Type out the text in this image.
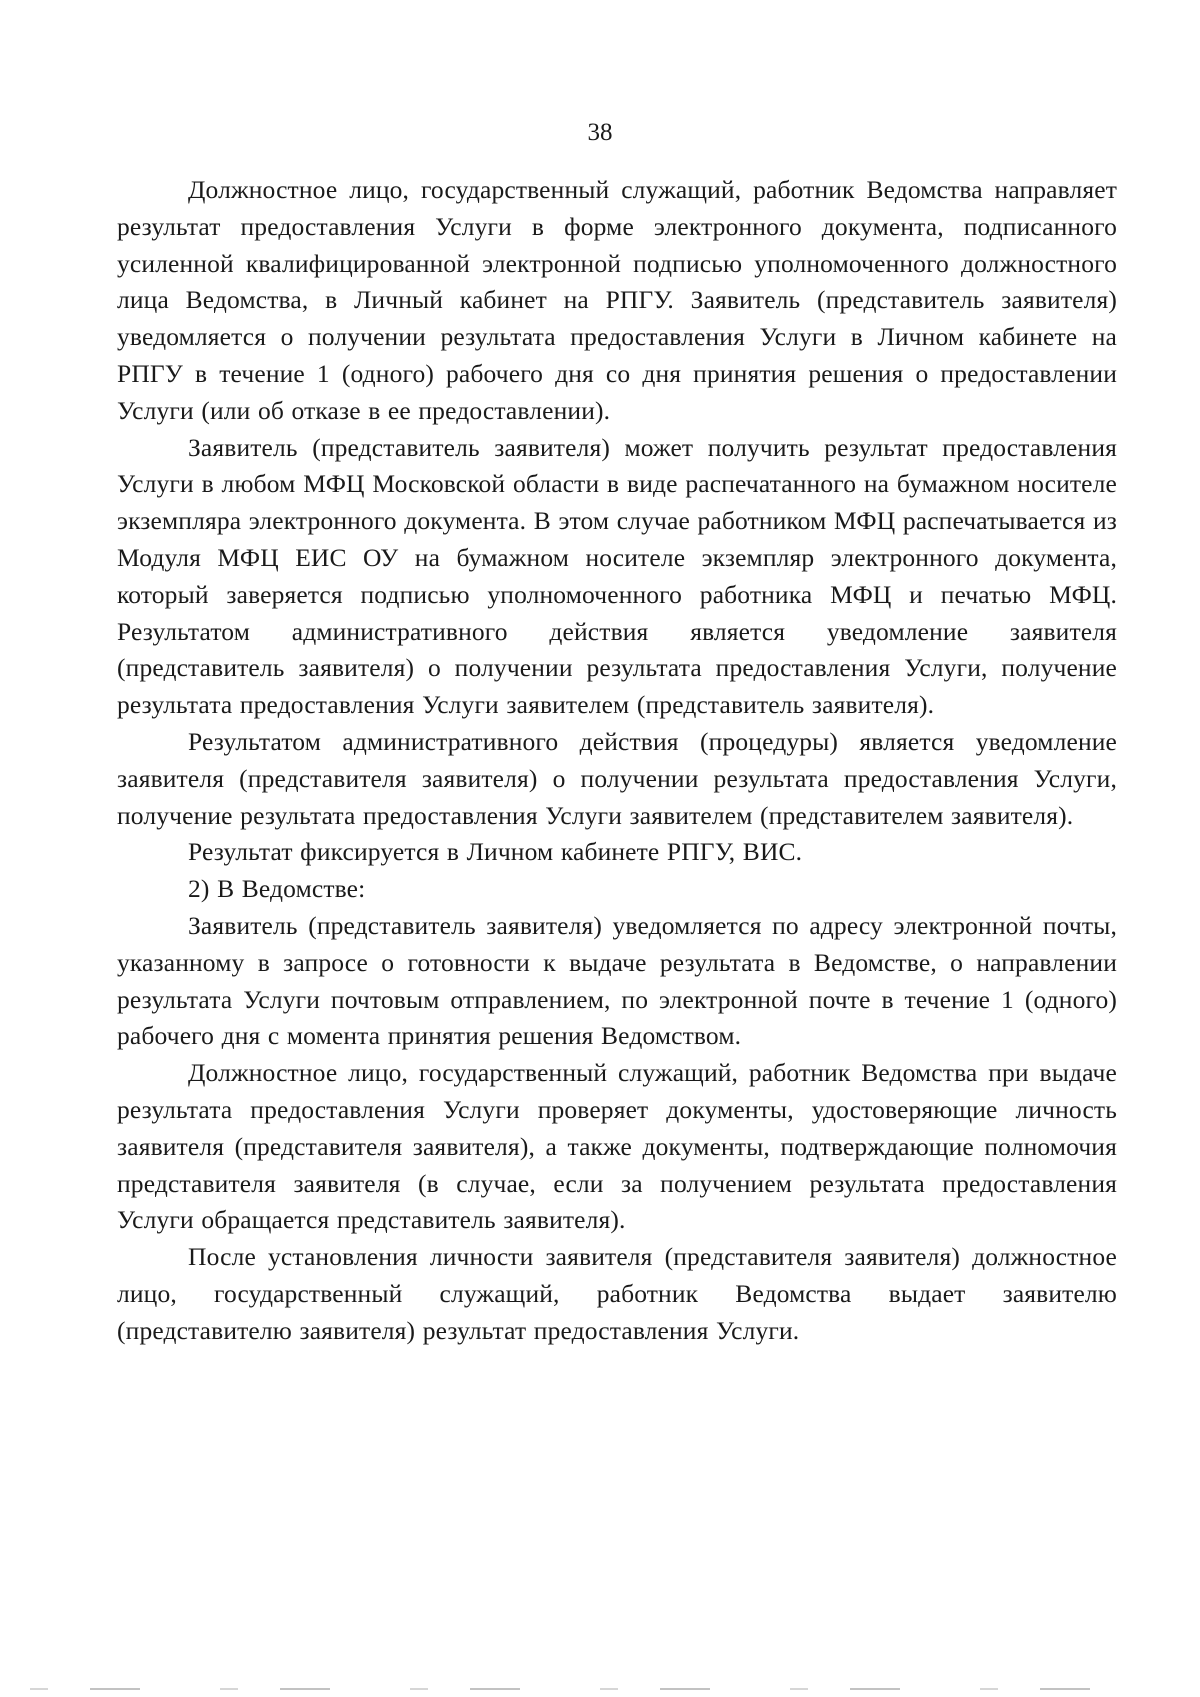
38

Должностное лицо, государственный служащий, работник Ведомства направляет результат предоставления Услуги в форме электронного документа, подписанного усиленной квалифицированной электронной подписью уполномоченного должностного лица Ведомства, в Личный кабинет на РПГУ. Заявитель (представитель заявителя) уведомляется о получении результата предоставления Услуги в Личном кабинете на РПГУ в течение 1 (одного) рабочего дня со дня принятия решения о предоставлении Услуги (или об отказе в ее предоставлении).

Заявитель (представитель заявителя) может получить результат предоставления Услуги в любом МФЦ Московской области в виде распечатанного на бумажном носителе экземпляра электронного документа. В этом случае работником МФЦ распечатывается из Модуля МФЦ ЕИС ОУ на бумажном носителе экземпляр электронного документа, который заверяется подписью уполномоченного работника МФЦ и печатью МФЦ. Результатом административного действия является уведомление заявителя (представитель заявителя) о получении результата предоставления Услуги, получение результата предоставления Услуги заявителем (представитель заявителя).

Результатом административного действия (процедуры) является уведомление заявителя (представителя заявителя) о получении результата предоставления Услуги, получение результата предоставления Услуги заявителем (представителем заявителя).

Результат фиксируется в Личном кабинете РПГУ, ВИС.

2) В Ведомстве:

Заявитель (представитель заявителя) уведомляется по адресу электронной почты, указанному в запросе о готовности к выдаче результата в Ведомстве, о направлении результата Услуги почтовым отправлением, по электронной почте в течение 1 (одного) рабочего дня с момента принятия решения Ведомством.

Должностное лицо, государственный служащий, работник Ведомства при выдаче результата предоставления Услуги проверяет документы, удостоверяющие личность заявителя (представителя заявителя), а также документы, подтверждающие полномочия представителя заявителя (в случае, если за получением результата предоставления Услуги обращается представитель заявителя).

После установления личности заявителя (представителя заявителя) должностное лицо, государственный служащий, работник Ведомства выдает заявителю (представителю заявителя) результат предоставления Услуги.
